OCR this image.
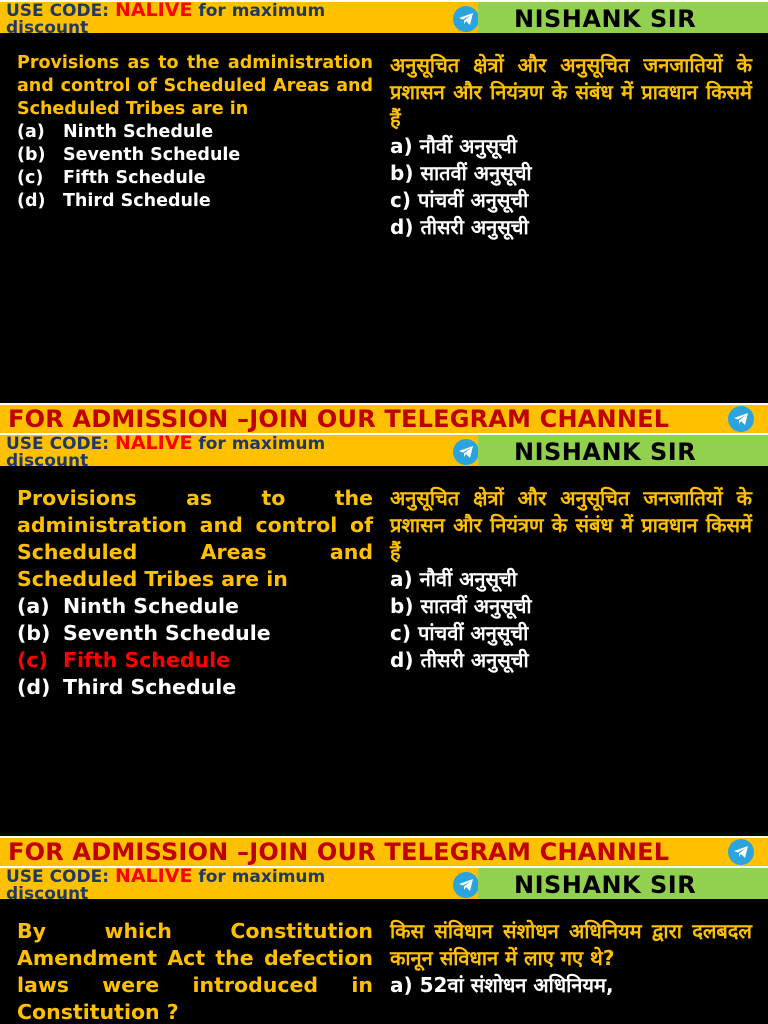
USE CODE: NALIVE for maximum discount	NISHANK SIR

Provisions as to the administration and control of Scheduled Areas and Scheduled Tribes are in

(a) Ninth Schedule
(b) Seventh Schedule
(c) Fifth Schedule
(d) Third Schedule

अनुसूचित क्षेत्रों और अनुसूचित जनजातियों के प्रशासन और नियंत्रण के संबंध में प्रावधान किसमें हैं

a) नौवीं अनुसूची
b) सातवीं अनुसूची
c) पांचवीं अनुसूची
d) तीसरी अनुसूची
FOR ADMISSION –JOIN OUR TELEGRAM CHANNEL
USE CODE: NALIVE for maximum discount	NISHANK SIR

Provisions as to the administration and control of Scheduled Areas and Scheduled Tribes are in

(a) Ninth Schedule
(b) Seventh Schedule
(c) Fifth Schedule
(d) Third Schedule

अनुसूचित क्षेत्रों और अनुसूचित जनजातियों के प्रशासन और नियंत्रण के संबंध में प्रावधान किसमें हैं

a) नौवीं अनुसूची
b) सातवीं अनुसूची
c) पांचवीं अनुसूची
d) तीसरी अनुसूची
FOR ADMISSION –JOIN OUR TELEGRAM CHANNEL
USE CODE: NALIVE for maximum discount	NISHANK SIR

By which Constitution Amendment Act the defection laws were introduced in Constitution ?

किस संविधान संशोधन अधिनियम द्वारा दलबदल कानून संविधान में लाए गए थे?

a) 52वां संशोधन अधिनियम,
